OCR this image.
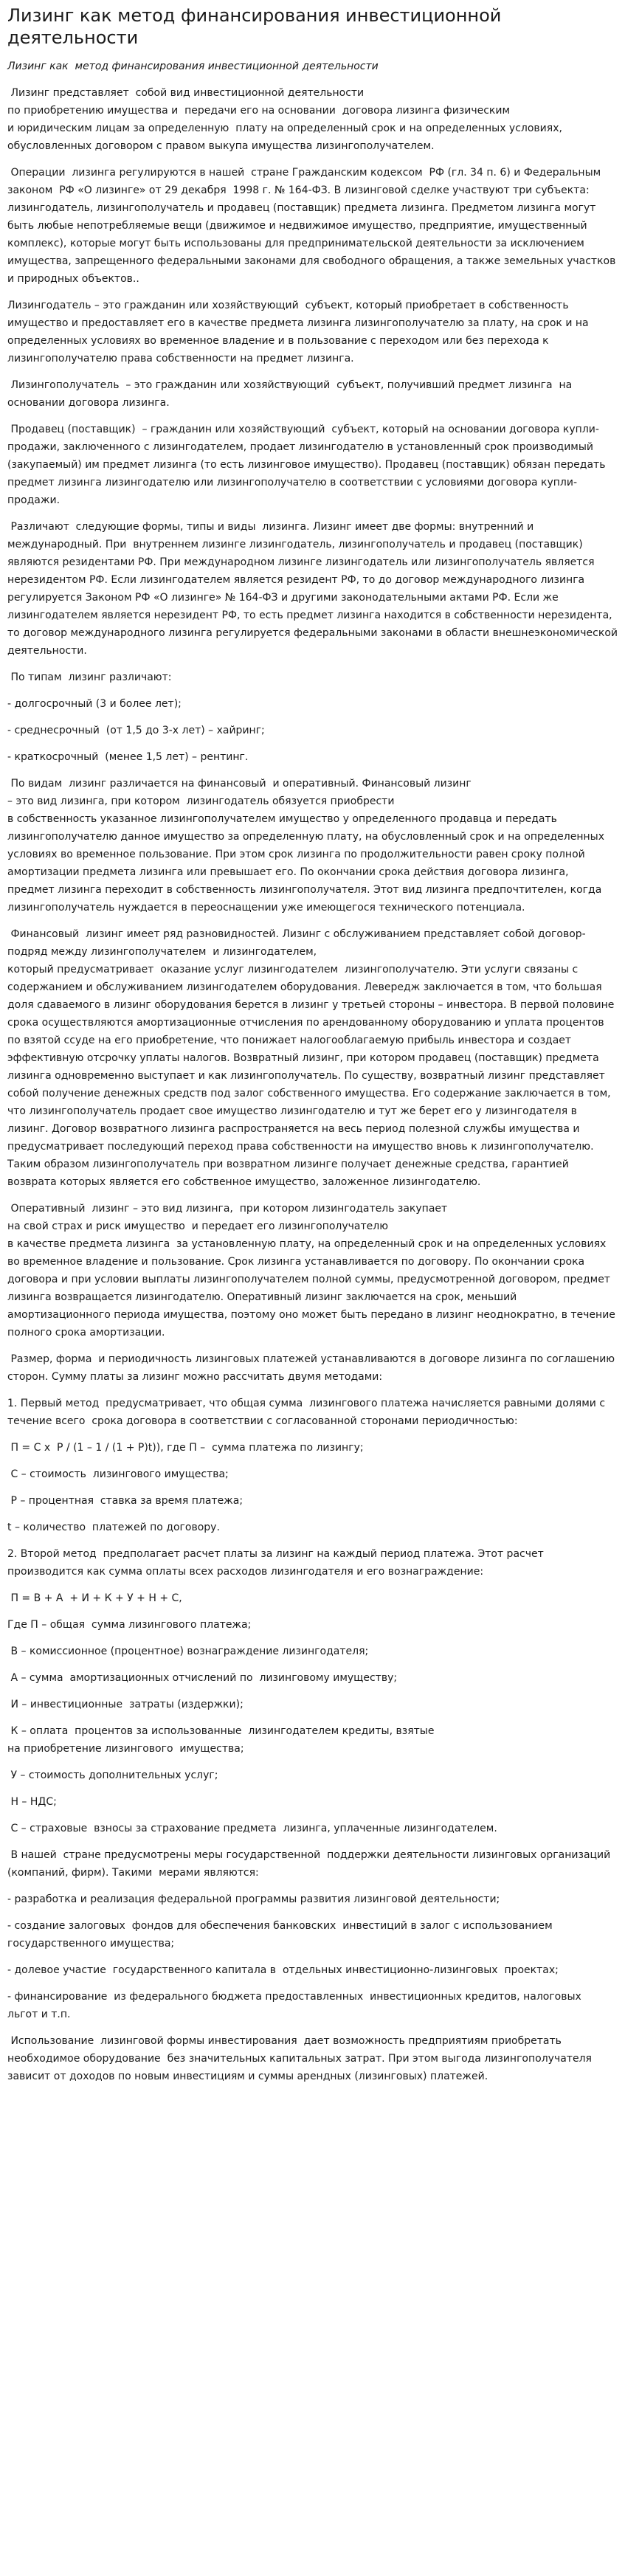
Лизинг как метод финансирования инвестиционной деятельности

Лизинг как  метод финансирования инвестиционной деятельности

Лизинг представляет  собой вид инвестиционной деятельности
по приобретению имущества и  передачи его на основании  договора лизинга физическим
и юридическим лицам за определенную  плату на определенный срок и на определенных условиях, обусловленных договором с правом выкупа имущества лизингополучателем.

Операции  лизинга регулируются в нашей  стране Гражданским кодексом  РФ (гл. 34 п. 6) и Федеральным законом  РФ «О лизинге» от 29 декабря  1998 г. № 164-ФЗ. В лизинговой сделке участвуют три субъекта: лизингодатель, лизингополучатель и продавец (поставщик) предмета лизинга. Предметом лизинга могут быть любые непотребляемые вещи (движимое и недвижимое имущество, предприятие, имущественный комплекс), которые могут быть использованы для предпринимательской деятельности за исключением имущества, запрещенного федеральными законами для свободного обращения, а также земельных участков и природных объектов..

Лизингодатель – это гражданин или хозяйствующий  субъект, который приобретает в собственность имущество и предоставляет его в качестве предмета лизинга лизингополучателю за плату, на срок и на определенных условиях во временное владение и в пользование с переходом или без перехода к лизингополучателю права собственности на предмет лизинга.

Лизингополучатель  – это гражданин или хозяйствующий  субъект, получивший предмет лизинга  на основании договора лизинга.

Продавец (поставщик)  – гражданин или хозяйствующий  субъект, который на основании договора купли-продажи, заключенного с лизингодателем, продает лизингодателю в установленный срок производимый (закупаемый) им предмет лизинга (то есть лизинговое имущество). Продавец (поставщик) обязан передать предмет лизинга лизингодателю или лизингополучателю в соответствии с условиями договора купли-продажи.

Различают  следующие формы, типы и виды  лизинга. Лизинг имеет две формы: внутренний и международный. При  внутреннем лизинге лизингодатель, лизингополучатель и продавец (поставщик)  являются резидентами РФ. При международном лизинге лизингодатель или лизингополучатель является нерезидентом РФ. Если лизингодателем является резидент РФ, то до договор международного лизинга регулируется Законом РФ «О лизинге» № 164-ФЗ и другими законодательными актами РФ. Если же лизингодателем является нерезидент РФ, то есть предмет лизинга находится в собственности нерезидента, то договор международного лизинга регулируется федеральными законами в области внешнеэкономической деятельности.

По типам  лизинг различают:

- долгосрочный (3 и более лет);

- среднесрочный  (от 1,5 до 3-х лет) – хайринг;

- краткосрочный  (менее 1,5 лет) – рентинг.

По видам  лизинг различается на финансовый  и оперативный. Финансовый лизинг
– это вид лизинга, при котором  лизингодатель обязуется приобрести
в собственность указанное лизингополучателем имущество у определенного продавца и передать лизингополучателю данное имущество за определенную плату, на обусловленный срок и на определенных условиях во временное пользование. При этом срок лизинга по продолжительности равен сроку полной амортизации предмета лизинга или превышает его. По окончании срока действия договора лизинга, предмет лизинга переходит в собственность лизингополучателя. Этот вид лизинга предпочтителен, когда лизингополучатель нуждается в переоснащении уже имеющегося технического потенциала.

Финансовый  лизинг имеет ряд разновидностей. Лизинг с обслуживанием представляет собой договор-подряд между лизингополучателем  и лизингодателем,
который предусматривает  оказание услуг лизингодателем  лизингополучателю. Эти услуги связаны с содержанием и обслуживанием лизингодателем оборудования. Левередж заключается в том, что большая доля сдаваемого в лизинг оборудования берется в лизинг у третьей стороны – инвестора. В первой половине срока осуществляются амортизационные отчисления по арендованному оборудованию и уплата процентов по взятой ссуде на его приобретение, что понижает налогооблагаемую прибыль инвестора и создает эффективную отсрочку уплаты налогов. Возвратный лизинг, при котором продавец (поставщик) предмета лизинга одновременно выступает и как лизингополучатель. По существу, возвратный лизинг представляет собой получение денежных средств под залог собственного имущества. Его содержание заключается в том, что лизингополучатель продает свое имущество лизингодателю и тут же берет его у лизингодателя в лизинг. Договор возвратного лизинга распространяется на весь период полезной службы имущества и предусматривает последующий переход права собственности на имущество вновь к лизингополучателю. Таким образом лизингополучатель при возвратном лизинге получает денежные средства, гарантией возврата которых является его собственное имущество, заложенное лизингодателю.

Оперативный  лизинг – это вид лизинга,  при котором лизингодатель закупает
на свой страх и риск имущество  и передает его лизингополучателю
в качестве предмета лизинга  за установленную плату, на определенный срок и на определенных условиях во временное владение и пользование. Срок лизинга устанавливается по договору. По окончании срока договора и при условии выплаты лизингополучателем полной суммы, предусмотренной договором, предмет лизинга возвращается лизингодателю. Оперативный лизинг заключается на срок, меньший амортизационного периода имущества, поэтому оно может быть передано в лизинг неоднократно, в течение полного срока амортизации.

Размер, форма  и периодичность лизинговых платежей устанавливаются в договоре лизинга по соглашению сторон. Сумму платы за лизинг можно рассчитать двумя методами:

1. Первый метод  предусматривает, что общая сумма  лизингового платежа начисляется равными долями с течение всего  срока договора в соответствии с согласованной сторонами периодичностью:

П = С х  Р / (1 – 1 / (1 + Р)t)), где П –  сумма платежа по лизингу;

С – стоимость  лизингового имущества;

Р – процентная  ставка за время платежа;

t – количество  платежей по договору.

2. Второй метод  предполагает расчет платы за лизинг на каждый период платежа. Этот расчет производится как сумма оплаты всех расходов лизингодателя и его вознаграждение:

П = В + А  + И + К + У + Н + С,

Где П – общая  сумма лизингового платежа;

В – комиссионное (процентное) вознаграждение лизингодателя;

А – сумма  амортизационных отчислений по  лизинговому имуществу;

И – инвестиционные  затраты (издержки);

К – оплата  процентов за использованные  лизингодателем кредиты, взятые
на приобретение лизингового  имущества;

У – стоимость дополнительных услуг;

Н – НДС;

С – страховые  взносы за страхование предмета  лизинга, уплаченные лизингодателем.

В нашей  стране предусмотрены меры государственной  поддержки деятельности лизинговых организаций (компаний, фирм). Такими  мерами являются:

- разработка и реализация федеральной программы развития лизинговой деятельности;

- создание залоговых  фондов для обеспечения банковских  инвестиций в залог с использованием  государственного имущества;

- долевое участие  государственного капитала в  отдельных инвестиционно-лизинговых  проектах;

- финансирование  из федерального бюджета предоставленных  инвестиционных кредитов, налоговых  льгот и т.п.

Использование  лизинговой формы инвестирования  дает возможность предприятиям приобретать необходимое оборудование  без значительных капитальных затрат. При этом выгода лизингополучателя зависит от доходов по новым инвестициям и суммы арендных (лизинговых) платежей.
